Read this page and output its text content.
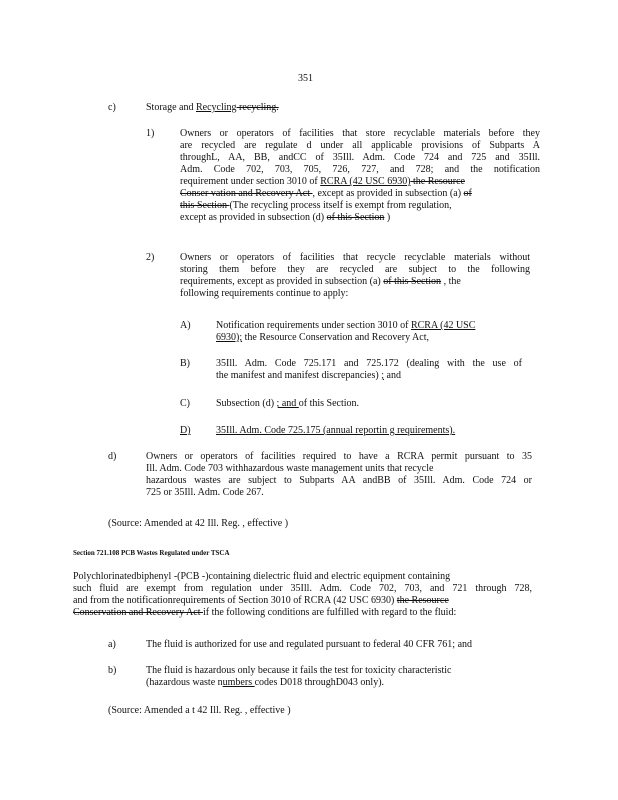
351
c)	Storage and Recycling recycling.
1)	Owners or operators of facilities that store recyclable materials before they
are recycled are regulate d under all applicable provisions of Subparts A
throughL, AA, BB, andCC of 35Ill. Adm. Code 724 and 725 and 35Ill.
Adm. Code 702, 703, 705, 726, 727, and 728; and the notification
requirement under section 3010 of RCRA (42 USC 6930) the Resource
Conser vation and Recovery Act , except as provided in subsection (a) of
this Section (The recycling process itself is exempt from regulation,
except as provided in subsection (d) of this Section )
2)	Owners or operators of facilities that recycle recyclable materials without
storing them before they are recycled are subject to the following
requirements, except as provided in subsection (a) of this Section , the
following requirements continue to apply:
A)	Notification requirements under section 3010 of RCRA (42 USC
6930); the Resource Conservation and Recovery Act,
B)	35Ill. Adm. Code 725.171 and 725.172 (dealing with the use of
the manifest and manifest discrepancies) ; and
C)	Subsection (d) ; and of this Section.
D)	35Ill. Adm. Code 725.175 (annual reportin g requirements).
d)	Owners or operators of facilities required to have a RCRA permit pursuant to 35
Ill. Adm. Code 703 withhazardous waste management units that recycle
hazardous wastes are subject to Subparts AA andBB of 35Ill. Adm. Code 724 or
725 or 35Ill. Adm. Code 267.
(Source: Amended at 42 Ill. Reg. , effective )
Section 721.108 PCB Wastes Regulated under TSCA
Polychlorinatedbiphenyl -(PCB -)containing dielectric fluid and electric equipment containing
such fluid are exempt from regulation under 35Ill. Adm. Code 702, 703, and 721 through 728,
and from the notificationrequirements of Section 3010 of RCRA (42 USC 6930) the Resource
Conservation and Recovery Act if the following conditions are fulfilled with regard to the fluid:
a)	The fluid is authorized for use and regulated pursuant to federal 40 CFR 761; and
b)	The fluid is hazardous only because it fails the test for toxicity characteristic
(hazardous waste numbers codes D018 throughD043 only).
(Source: Amended a t 42 Ill. Reg. , effective )
